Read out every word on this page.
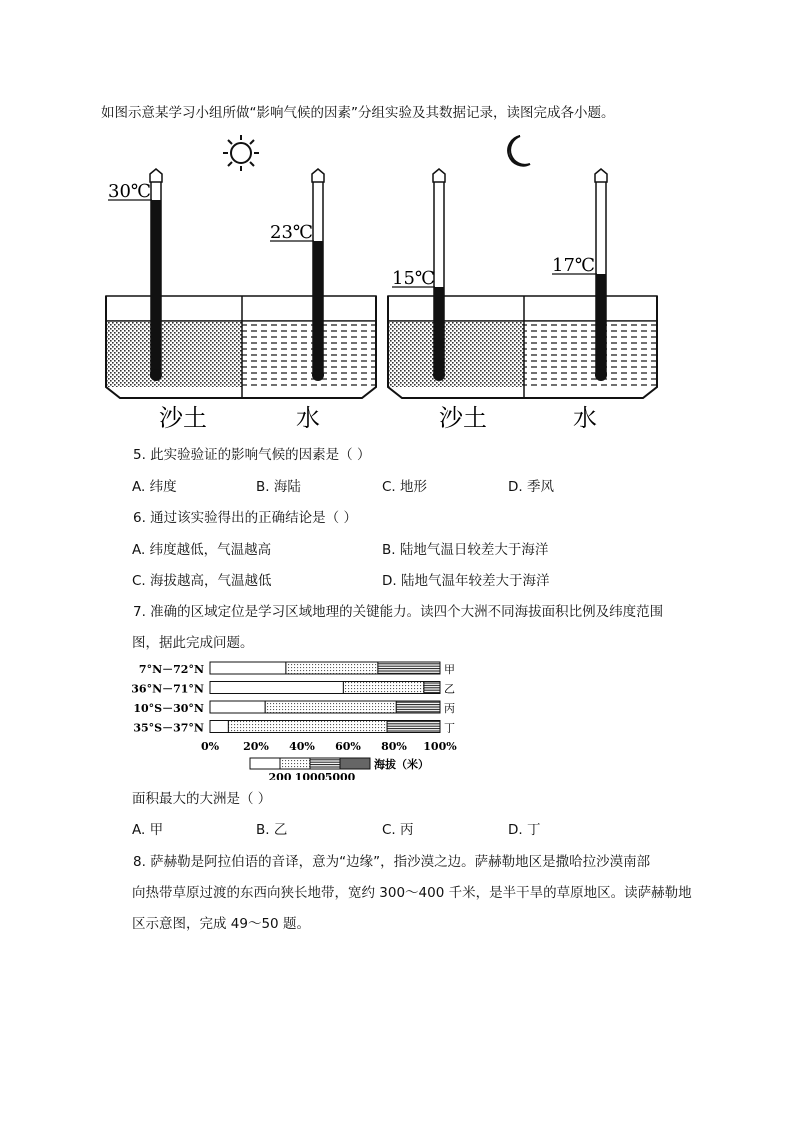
如图示意某学习小组所做“影响气候的因素”分组实验及其数据记录，读图完成各小题。
30℃
23℃
15℃
17℃
沙土	水	沙土	水
5. 此实验验证的影响气候的因素是（ ）
A. 纬度	B. 海陆	C. 地形	D. 季风
6. 通过该实验得出的正确结论是（ ）
A. 纬度越低，气温越高	B. 陆地气温日较差大于海洋
C. 海拔越高，气温越低	D. 陆地气温年较差大于海洋
7. 准确的区域定位是学习区域地理的关键能力。读四个大洲不同海拔面积比例及纬度范围
图，据此完成问题。
7°N－72°N	甲
36°N－71°N	乙
10°S－30°N	丙
35°S－37°N	丁
0% 20% 40% 60% 80% 100%
海拔（米）
200 1000 5000
面积最大的大洲是（ ）
A. 甲	B. 乙	C. 丙	D. 丁
8. 萨赫勒是阿拉伯语的音译，意为“边缘”，指沙漠之边。萨赫勒地区是撒哈拉沙漠南部
向热带草原过渡的东西向狭长地带，宽约 300～400 千米，是半干旱的草原地区。读萨赫勒地
区示意图，完成 49～50 题。
